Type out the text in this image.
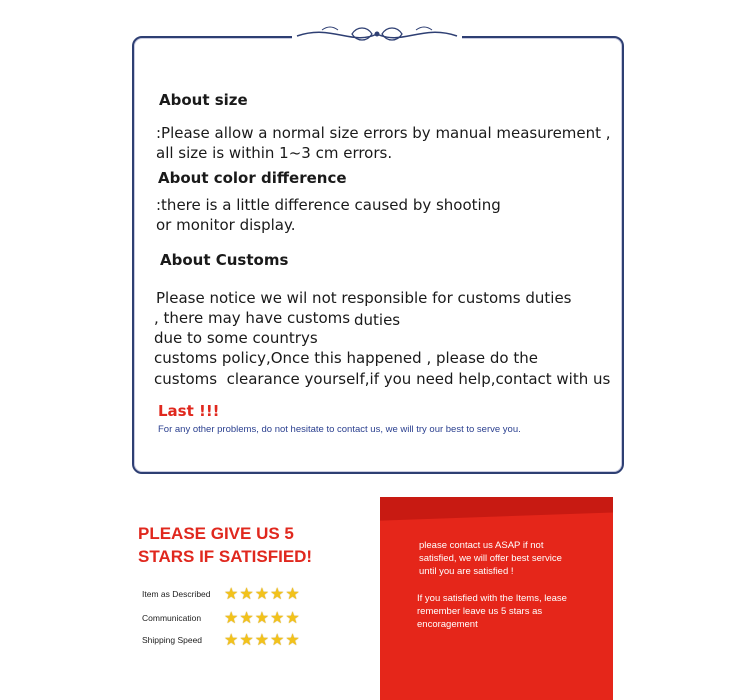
About size
:Please allow a normal size errors by manual measurement ,
all size is within 1~3 cm errors.
About color difference
:there is a little difference caused by shooting
or monitor display.
About Customs
Please notice we wil not responsible for customs duties
, there may have customs duties
due to some countrys
customs policy,Once this happened , please do the
customs  clearance yourself,if you need help,contact with us
Last !!!
For any other problems, do not hesitate to contact us, we will try our best to serve you.
PLEASE GIVE US 5
STARS IF SATISFIED!
Item as Described ★ ★ ★ ★ ★
Communication	★ ★ ★ ★ ★
Shipping Speed	★ ★ ★ ★ ★
please contact us ASAP if not
satisfied, we will offer best service
until you are satisfied !
If you satisfied with the Items, lease
remember leave us 5 stars as
encoragement
